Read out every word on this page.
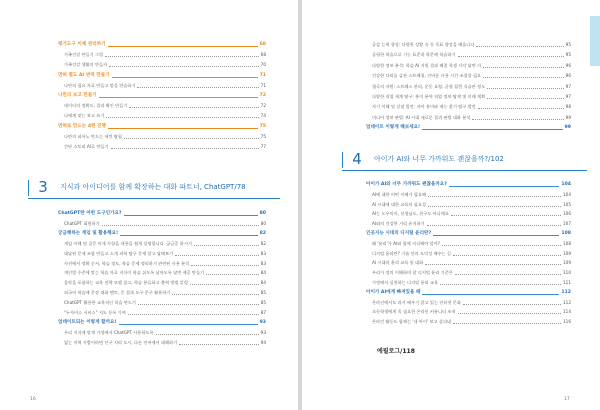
평가도구 이제 관리하기	68
가족건강 만들기 그림	68
가족건강 생활의 만들자	70
면허 별도 AI 번역 만들기	71
나만의 필요 자료 만들고 말을 연습하기	71
나만의 보고 만들기	72
데이터의 정확도, 결과 확인 만들기	72
나에게 맞는 보고 쓰기	74
면허로 만드는 4편 진행	75
나만의 피아노 만드는 세컨 탐험	75
간단 스토리 AI로 만들기	77
3	지식과 아이디어를 함께 확장하는 대화 파트너, ChatGPT/78
ChatGPT란 어떤 도구인가요?	80
ChatGPT 회원하기	80
궁금해하는 게임 및 활용해요!	82
게임 이해 및 질문 미세 사항을 내용을 쉽게 설명합니다. 궁금증 하시기	82
대답된 문제 조합 만들고 소개 과학 탐구 문제 알고 답해보기	83
사진에서 정확 순서, 학습 정도, 학습 문제 정리하기 관련된 사용 분석	83
개인별 수준에 맞는 학습 자료 지식이 학습 쉬도록 남아도록 답변 제공 만들기	84
음악을 포함하는 교육 전략 모델 참고, 학습 분류하고 출력 방법 알림	84
외국어 학습에 문장 대화 멘토, 응 결과 도구 문구 활용하기	85
ChatGPT 활용한 교육적인 학습 만드기	85
"두자비스 서비스" 지도 등록 기여	87
업데이트되는 이렇게 할까요!	93
우리 지식에 맞게 가정에서 ChatGPT 사용하도록	93
없는 지역 사람이라면 인구 지리 도시, 다른 언어에서 대해하기	94
16
공감 능력 향상: 다양한 상황 속 등 목표 향상을 배웁니다	95
공평한 학습으로 기능 표준과 학문에 학습하기	95
다양한 정보 분석: 학습 AI 지원 결과 해결 학생 시각 답변 자	96
건강한 다리를 습관 스트레칭, 인바운 사용 시간 조절할 필요	96
협곡의 자원: 스트레스 관리, 운동 요령, 균형 잡힌 식습관 정도	97
다양한 직업 세계 탐구: 흥미 분야 직업 정보 탐색 및 미래 계획	97
자기 이해 및 강점 발견: 자아 흥미와 재능 찾기 탐구 발견	98
미디어 정보 판별: AI 시대 새로운 결과 판별 대화 분석	99
업데이트 이렇게 해보세요!	99
4	아이가 AI와 너무 가까워도 괜찮을까?/102
아이가 AI와 너무 가까워도 괜찮을까요?	104
AI에 대한 어떤 이해가 필요해	104
AI 시대에 대한 교육의 필요성	105
AI는 도우미이, 선생님도, 친구도 아니에요	106
AI와의 건강한 거리 유지하기	107
인공지능 시대의 디지털 윤리란?	108
왜 '윤리'가 AI와 함께 지식해야 할까?	108
디지털 윤리란? 기술 안의 도덕성 배우는 길	109
AI 시대의 윤리 교육 및 대화	109
우리가 정의 이해하며 할 디지털 윤리 기준은	110
가정에서 실천하는 디지털 윤리 교육	111
아이가 AI에게 빠져있을 때	112
온라인에서도 과거 배우기 않고 있는 인터넷 문화	112
초등학생에게 꼭 필요한 온라인 커뮤니티 조직	114
온라인 활동도 함께는 '내 아이' 보고 살피네	116
에필로그/118
17
